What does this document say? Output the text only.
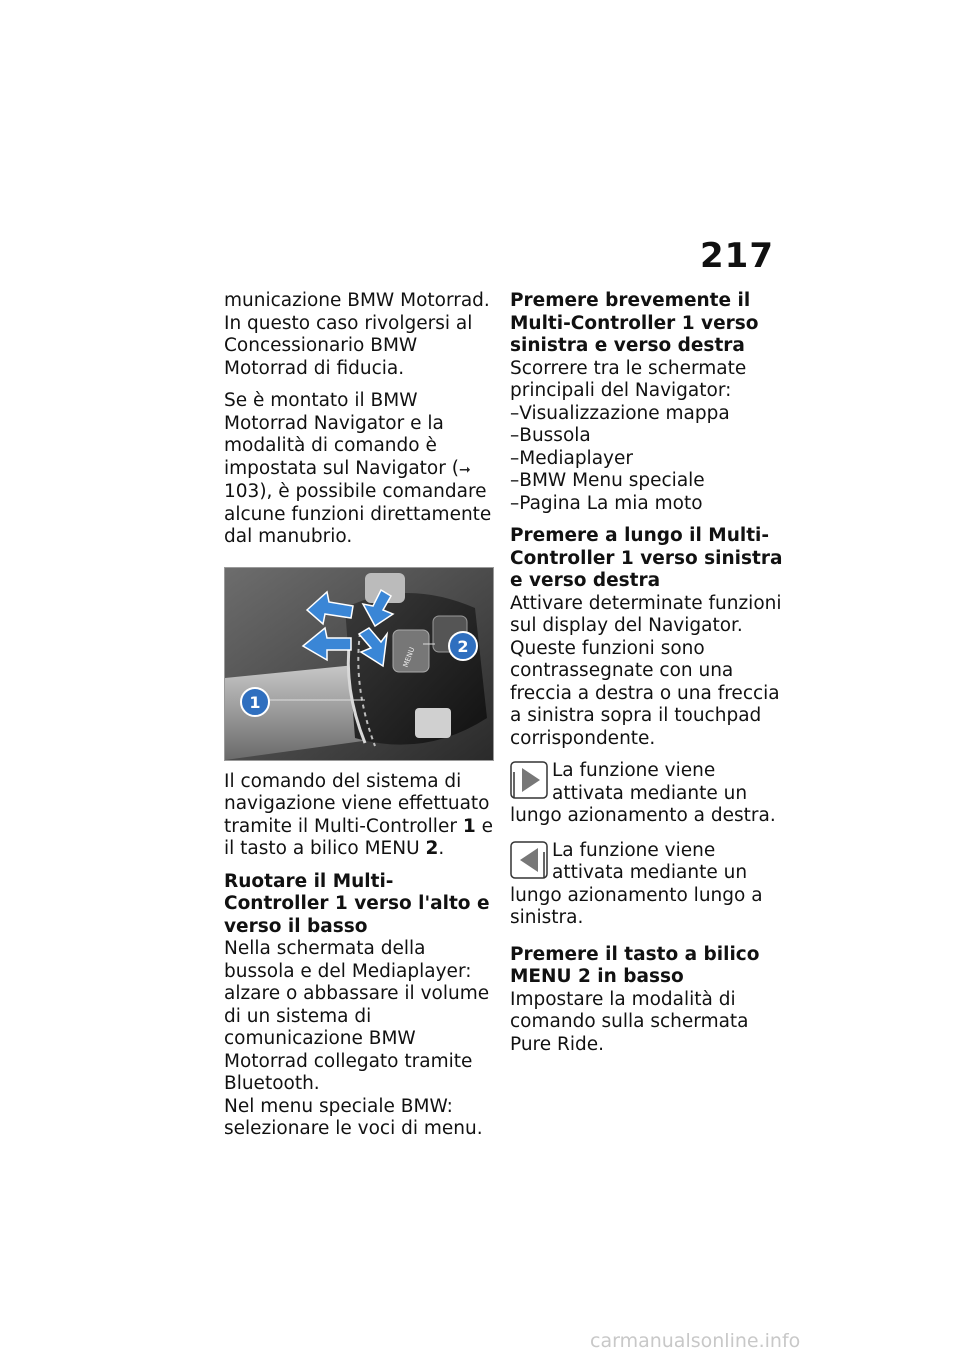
217

municazione BMW Motorrad. In questo caso rivolgersi al Concessionario BMW Motorrad di fiducia.

Se è montato il BMW Motorrad Navigator e la modalità di comando è impostata sul Navigator (➞ 103), è possibile comandare alcune funzioni direttamente dal manubrio.

1
2
MENU

Il comando del sistema di navigazione viene effettuato tramite il Multi-Controller 1 e il tasto a bilico MENU 2.

Ruotare il Multi-Controller 1 verso l'alto e verso il basso

Nella schermata della bussola e del Mediaplayer: alzare o abbassare il volume di un sistema di comunicazione BMW Motorrad collegato tramite Bluetooth.

Nel menu speciale BMW: selezionare le voci di menu.

Premere brevemente il Multi-Controller 1 verso sinistra e verso destra

Scorrere tra le schermate principali del Navigator:

– Visualizzazione mappa
– Bussola
– Mediaplayer
– BMW Menu speciale
– Pagina La mia moto

Premere a lungo il Multi-Controller 1 verso sinistra e verso destra

Attivare determinate funzioni sul display del Navigator. Queste funzioni sono contrassegnate con una freccia a destra o una freccia a sinistra sopra il touchpad corrispondente.

La funzione viene attivata mediante un lungo azionamento a destra.
La funzione viene attivata mediante un lungo azionamento lungo a sinistra.

Premere il tasto a bilico MENU 2 in basso

Impostare la modalità di comando sulla schermata Pure Ride.

carmanualsonline.info
